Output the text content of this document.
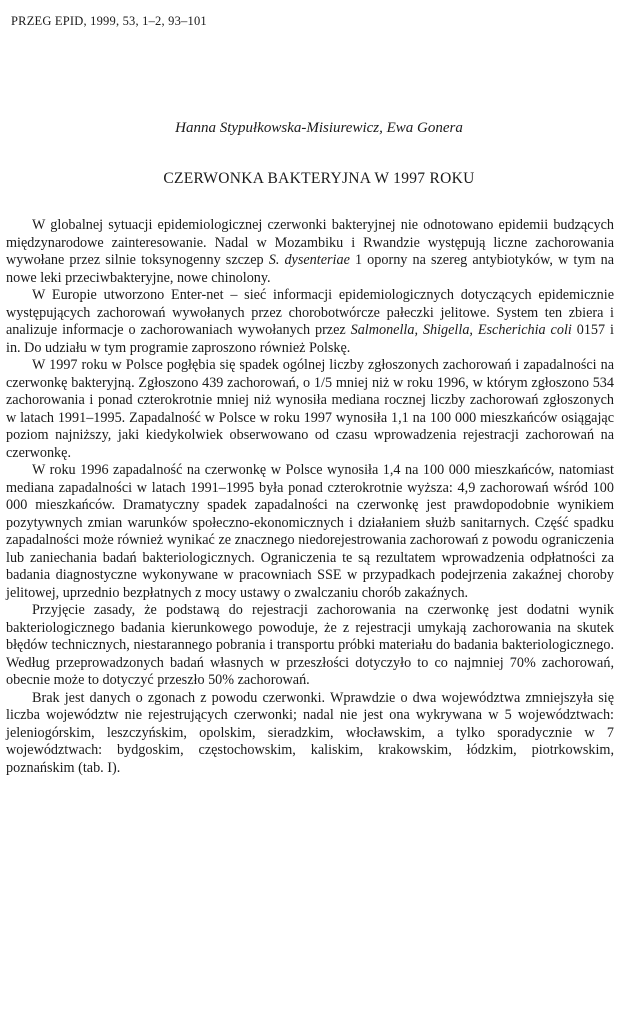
PRZEG EPID, 1999, 53, 1–2, 93–101
Hanna Stypułkowska-Misiurewicz, Ewa Gonera
CZERWONKA BAKTERYJNA W 1997 ROKU

W globalnej sytuacji epidemiologicznej czerwonki bakteryjnej nie odnotowano epidemii budzących międzynarodowe zainteresowanie. Nadal w Mozambiku i Rwandzie występują liczne zachorowania wywołane przez silnie toksynogenny szczep S. dysenteriae 1 oporny na szereg antybiotyków, w tym na nowe leki przeciwbakteryjne, nowe chinolony.

W Europie utworzono Enter-net – sieć informacji epidemiologicznych dotyczących epidemicznie występujących zachorowań wywołanych przez chorobotwórcze pałeczki jelitowe. System ten zbiera i analizuje informacje o zachorowaniach wywołanych przez Salmonella, Shigella, Escherichia coli 0157 i in. Do udziału w tym programie zaproszono również Polskę.

W 1997 roku w Polsce pogłębia się spadek ogólnej liczby zgłoszonych zachorowań i zapadalności na czerwonkę bakteryjną. Zgłoszono 439 zachorowań, o 1/5 mniej niż w roku 1996, w którym zgłoszono 534 zachorowania i ponad czterokrotnie mniej niż wynosiła mediana rocznej liczby zachorowań zgłoszonych w latach 1991–1995. Zapadalność w Polsce w roku 1997 wynosiła 1,1 na 100 000 mieszkańców osiągając poziom najniższy, jaki kiedykolwiek obserwowano od czasu wprowadzenia rejestracji zachorowań na czerwonkę.

W roku 1996 zapadalność na czerwonkę w Polsce wynosiła 1,4 na 100 000 mieszkańców, natomiast mediana zapadalności w latach 1991–1995 była ponad czterokrotnie wyższa: 4,9 zachorowań wśród 100 000 mieszkańców. Dramatyczny spadek zapadalności na czerwonkę jest prawdopodobnie wynikiem pozytywnych zmian warunków społeczno-ekonomicznych i działaniem służb sanitarnych. Część spadku zapadalności może również wynikać ze znacznego niedorejestrowania zachorowań z powodu ograniczenia lub zaniechania badań bakteriologicznych. Ograniczenia te są rezultatem wprowadzenia odpłatności za badania diagnostyczne wykonywane w pracowniach SSE w przypadkach podejrzenia zakaźnej choroby jelitowej, uprzednio bezpłatnych z mocy ustawy o zwalczaniu chorób zakaźnych.

Przyjęcie zasady, że podstawą do rejestracji zachorowania na czerwonkę jest dodatni wynik bakteriologicznego badania kierunkowego powoduje, że z rejestracji umykają zachorowania na skutek błędów technicznych, niestarannego pobrania i transportu próbki materiału do badania bakteriologicznego. Według przeprowadzonych badań własnych w przeszłości dotyczyło to co najmniej 70% zachorowań, obecnie może to dotyczyć przeszło 50% zachorowań.

Brak jest danych o zgonach z powodu czerwonki. Wprawdzie o dwa województwa zmniejszyła się liczba województw nie rejestrujących czerwonki; nadal nie jest ona wykrywana w 5 województwach: jeleniogórskim, leszczyńskim, opolskim, sieradzkim, włocławskim, a tylko sporadycznie w 7 województwach: bydgoskim, częstochowskim, kaliskim, krakowskim, łódzkim, piotrkowskim, poznańskim (tab. I).
